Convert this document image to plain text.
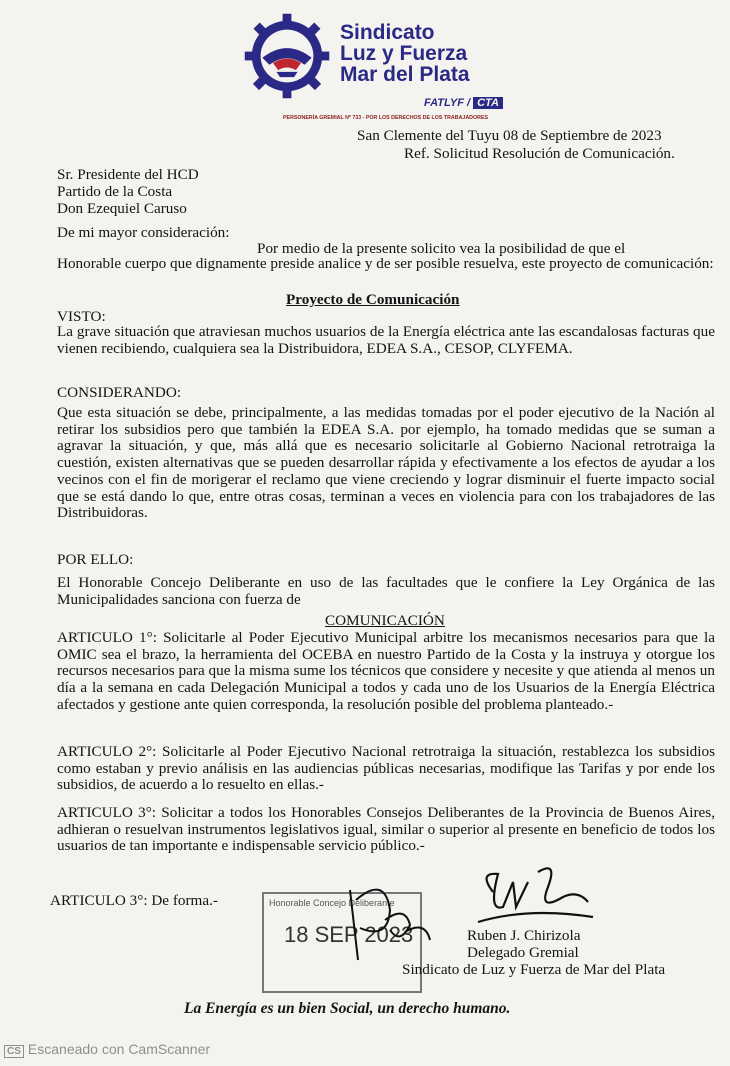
Sindicato
Luz y Fuerza
Mar del Plata
FATLYF / CTA
PERSONERÍA GREMIAL Nº 733 - POR LOS DERECHOS DE LOS TRABAJADORES
San Clemente del Tuyu 08 de Septiembre de 2023
Ref. Solicitud Resolución de Comunicación.
Sr. Presidente del HCD
Partido de la Costa
Don Ezequiel Caruso
De mi mayor consideración:
Por medio de la presente solicito vea la posibilidad de que el
Honorable cuerpo que dignamente preside analice y de ser posible resuelva, este proyecto de comunicación:
Proyecto de Comunicación
VISTO:
La grave situación que atraviesan muchos usuarios de la Energía eléctrica ante las escandalosas facturas que vienen recibiendo, cualquiera sea la Distribuidora, EDEA S.A., CESOP, CLYFEMA.
CONSIDERANDO:
Que esta situación se debe, principalmente, a las medidas tomadas por el poder ejecutivo de la Nación al retirar los subsidios pero que también la EDEA S.A. por ejemplo, ha tomado medidas que se suman a agravar la situación, y que, más allá que es necesario solicitarle al Gobierno Nacional retrotraiga la cuestión, existen alternativas que se pueden desarrollar rápida y efectivamente a los efectos de ayudar a los vecinos con el fin de morigerar el reclamo que viene creciendo y lograr disminuir el fuerte impacto social que se está dando lo que, entre otras cosas, terminan a veces en violencia para con los trabajadores de las Distribuidoras.
POR ELLO:
El Honorable Concejo Deliberante en uso de las facultades que le confiere la Ley Orgánica de las Municipalidades sanciona con fuerza de
COMUNICACIÓN
ARTICULO 1°: Solicitarle al Poder Ejecutivo Municipal arbitre los mecanismos necesarios para que la OMIC sea el brazo, la herramienta del OCEBA en nuestro Partido de la Costa y la instruya y otorgue los recursos necesarios para que la misma sume los técnicos que considere y necesite y que atienda al menos un día a la semana en cada Delegación Municipal a todos y cada uno de los Usuarios de la Energía Eléctrica afectados y gestione ante quien corresponda, la resolución posible del problema planteado.-
ARTICULO 2°: Solicitarle al Poder Ejecutivo Nacional retrotraiga la situación, restablezca los subsidios como estaban y previo análisis en las audiencias públicas necesarias, modifique las Tarifas y por ende los subsidios, de acuerdo a lo resuelto en ellas.-
ARTICULO 3°: Solicitar a todos los Honorables Consejos Deliberantes de la Provincia de Buenos Aires, adhieran o resuelvan instrumentos legislativos igual, similar o superior al presente en beneficio de todos los usuarios de tan importante e indispensable servicio público.-
ARTICULO 3°: De forma.-	Honorable Concejo Deliberante
18 SEP 2023	Ruben J. Chirizola
Delegado Gremial
Sindicato de Luz y Fuerza de Mar del Plata
La Energía es un bien Social, un derecho humano.
CS Escaneado con CamScanner
